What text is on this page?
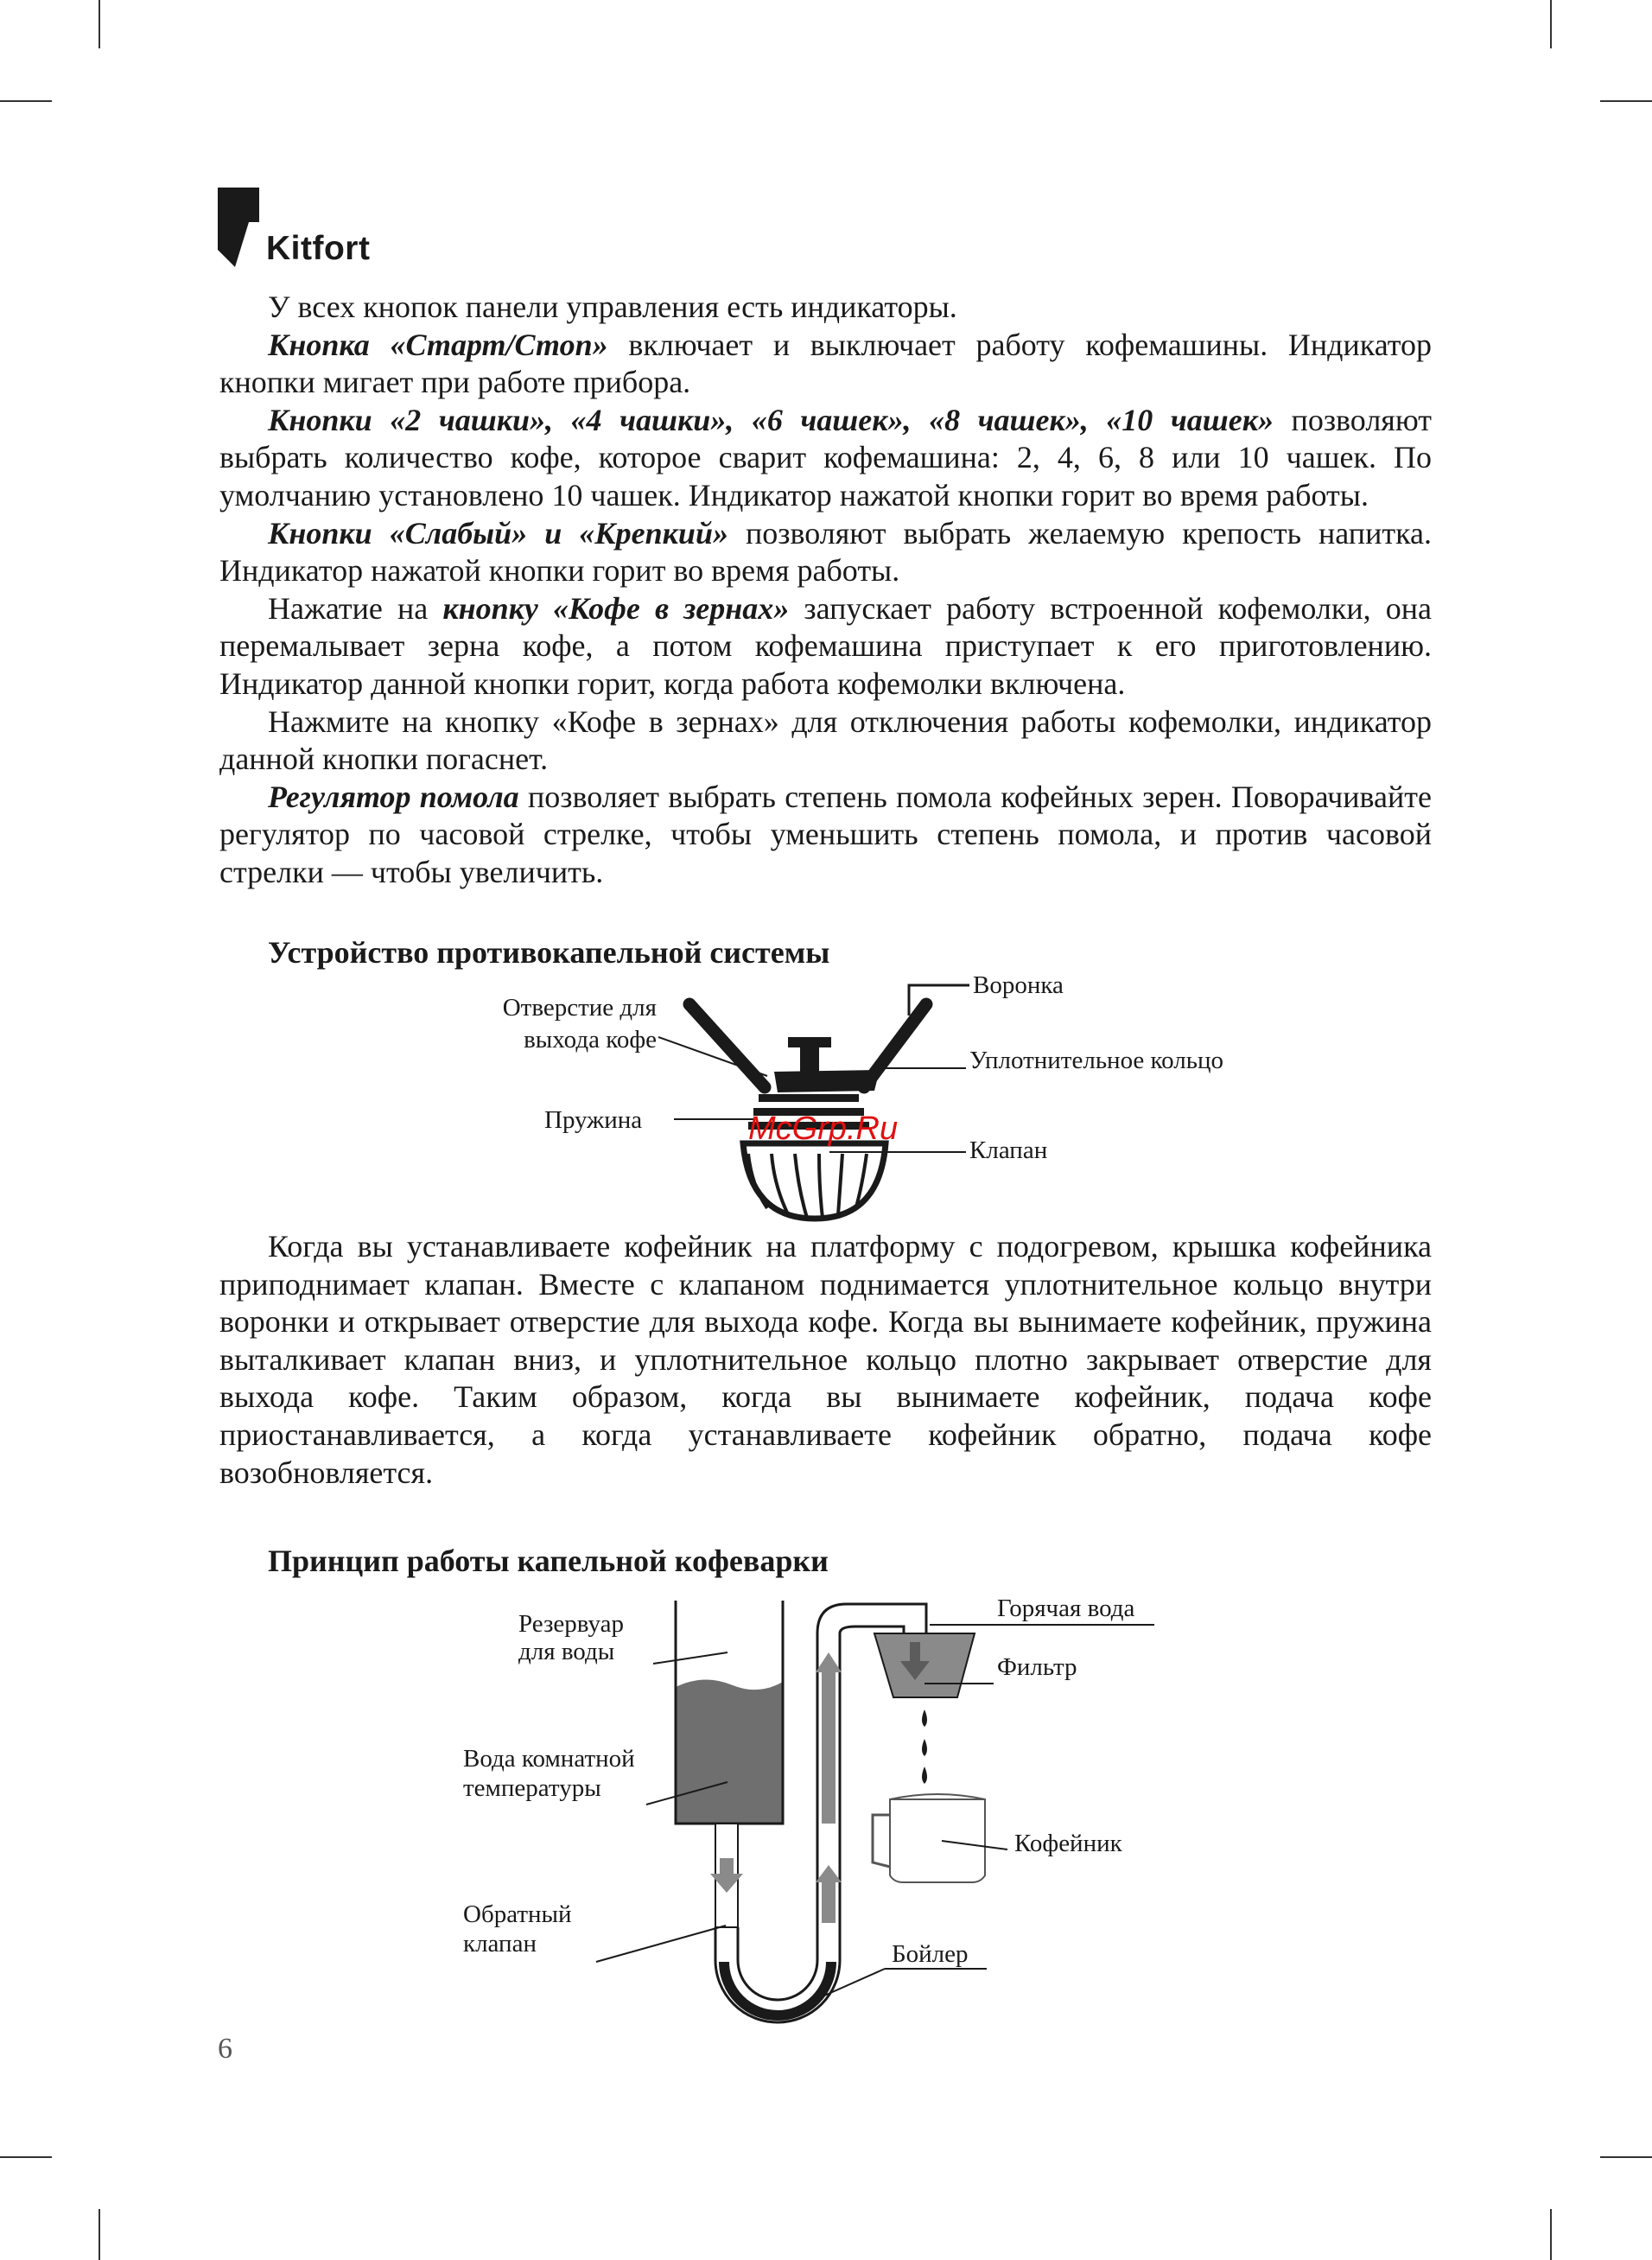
Kitfort

У всех кнопок панели управления есть индикаторы.

Кнопка «Старт/Стоп» включает и выключает работу кофемашины. Индикатор кнопки мигает при работе прибора.

Кнопки «2 чашки», «4 чашки», «6 чашек», «8 чашек», «10 чашек» позволяют выбрать количество кофе, которое сварит кофемашина: 2, 4, 6, 8 или 10 чашек. По умолчанию установлено 10 чашек. Индикатор нажатой кнопки горит во время работы.

Кнопки «Слабый» и «Крепкий» позволяют выбрать желаемую крепость напитка. Индикатор нажатой кнопки горит во время работы.

Нажатие на кнопку «Кофе в зернах» запускает работу встроенной кофемолки, она перемалывает зерна кофе, а потом кофемашина приступает к его приготовлению. Индикатор данной кнопки горит, когда работа кофемолки включена.

Нажмите на кнопку «Кофе в зернах» для отключения работы кофемолки, индикатор данной кнопки погаснет.

Регулятор помола позволяет выбрать степень помола кофейных зерен. Поворачивайте регулятор по часовой стрелке, чтобы уменьшить степень помола, и против часовой стрелки — чтобы увеличить.

Устройство противокапельной системы
Отверстие для
выхода кофе
Пружина
Воронка
Уплотнительное кольцо
Клапан
McGrp.Ru

Когда вы устанавливаете кофейник на платформу с подогревом, крышка кофейника приподнимает клапан. Вместе с клапаном поднимается уплотнительное кольцо внутри воронки и открывает отверстие для выхода кофе. Когда вы вынимаете кофейник, пружина выталкивает клапан вниз, и уплотнительное кольцо плотно закрывает отверстие для выхода кофе. Таким образом, когда вы вынимаете кофейник, подача кофе приостанавливается, а когда устанавливаете кофейник обратно, подача кофе возобновляется.

Принцип работы капельной кофеварки
Резервуар
для воды
Вода комнатной
температуры
Обратный
клапан
Горячая вода
Фильтр
Кофейник
Бойлер
6
